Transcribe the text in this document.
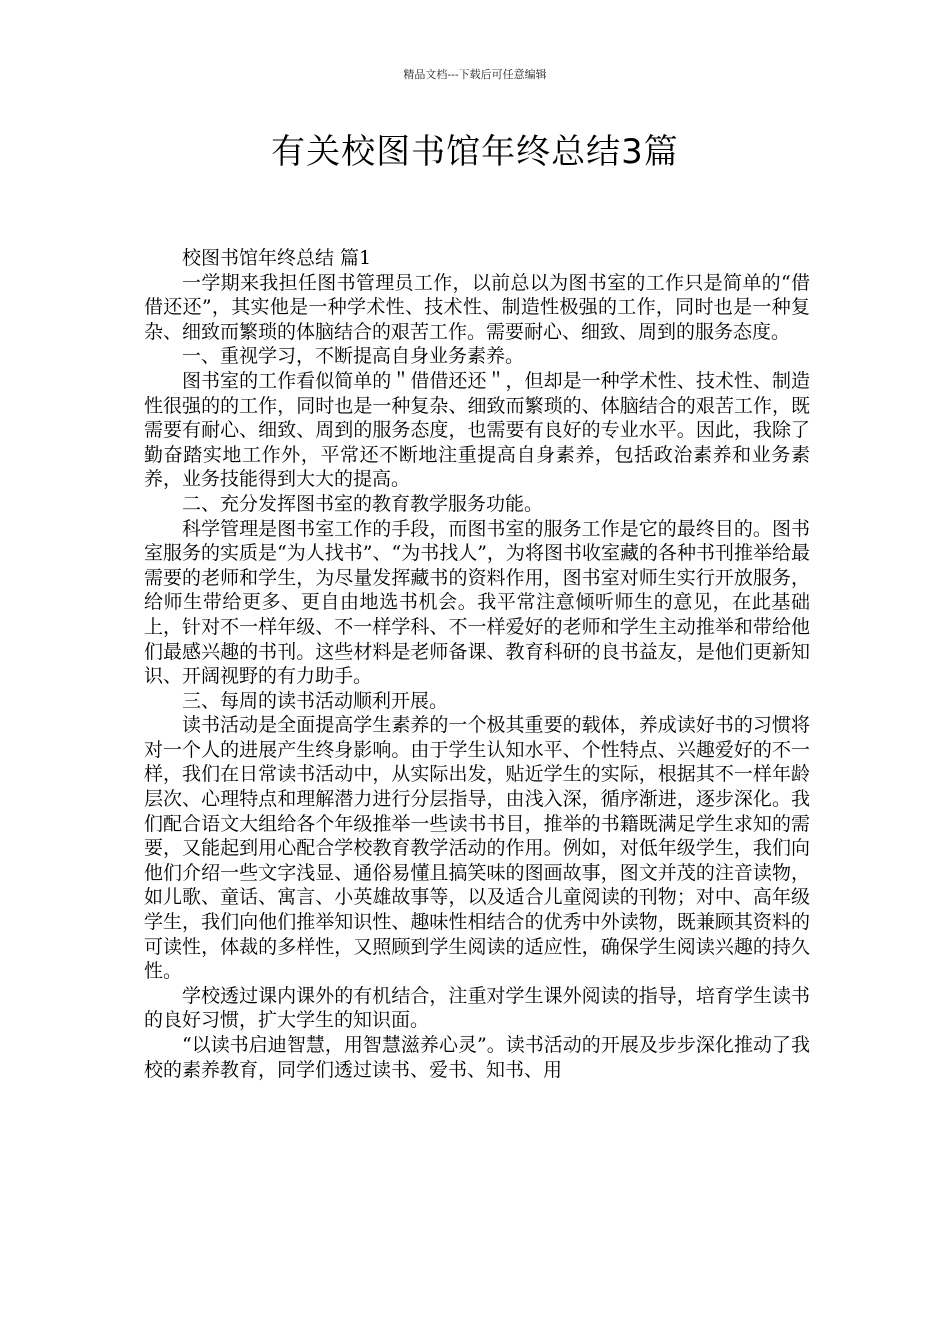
精品文档---下载后可任意编辑
有关校图书馆年终总结3篇

校图书馆年终总结 篇1

一学期来我担任图书管理员工作，以前总以为图书室的工作只是简单的“借借还还”，其实他是一种学术性、技术性、制造性极强的工作，同时也是一种复杂、细致而繁琐的体脑结合的艰苦工作。需要耐心、细致、周到的服务态度。

一、重视学习，不断提高自身业务素养。

图书室的工作看似简单的＂借借还还＂，但却是一种学术性、技术性、制造性很强的的工作，同时也是一种复杂、细致而繁琐的、体脑结合的艰苦工作，既需要有耐心、细致、周到的服务态度，也需要有良好的专业水平。因此，我除了勤奋踏实地工作外，平常还不断地注重提高自身素养，包括政治素养和业务素养，业务技能得到大大的提高。

二、充分发挥图书室的教育教学服务功能。

科学管理是图书室工作的手段，而图书室的服务工作是它的最终目的。图书室服务的实质是“为人找书”、“为书找人”，为将图书收室藏的各种书刊推举给最需要的老师和学生，为尽量发挥藏书的资料作用，图书室对师生实行开放服务，给师生带给更多、更自由地选书机会。我平常注意倾听师生的意见，在此基础上，针对不一样年级、不一样学科、不一样爱好的老师和学生主动推举和带给他们最感兴趣的书刊。这些材料是老师备课、教育科研的良书益友，是他们更新知识、开阔视野的有力助手。

三、每周的读书活动顺利开展。

读书活动是全面提高学生素养的一个极其重要的载体，养成读好书的习惯将对一个人的进展产生终身影响。由于学生认知水平、个性特点、兴趣爱好的不一样，我们在日常读书活动中，从实际出发，贴近学生的实际，根据其不一样年龄层次、心理特点和理解潜力进行分层指导，由浅入深，循序渐进，逐步深化。我们配合语文大组给各个年级推举一些读书书目，推举的书籍既满足学生求知的需要，又能起到用心配合学校教育教学活动的作用。例如，对低年级学生，我们向他们介绍一些文字浅显、通俗易懂且搞笑味的图画故事，图文并茂的注音读物，如儿歌、童话、寓言、小英雄故事等，以及适合儿童阅读的刊物；对中、高年级学生，我们向他们推举知识性、趣味性相结合的优秀中外读物，既兼顾其资料的可读性，体裁的多样性，又照顾到学生阅读的适应性，确保学生阅读兴趣的持久性。

学校透过课内课外的有机结合，注重对学生课外阅读的指导，培育学生读书的良好习惯，扩大学生的知识面。

“以读书启迪智慧，用智慧滋养心灵”。读书活动的开展及步步深化推动了我校的素养教育，同学们透过读书、爱书、知书、用
